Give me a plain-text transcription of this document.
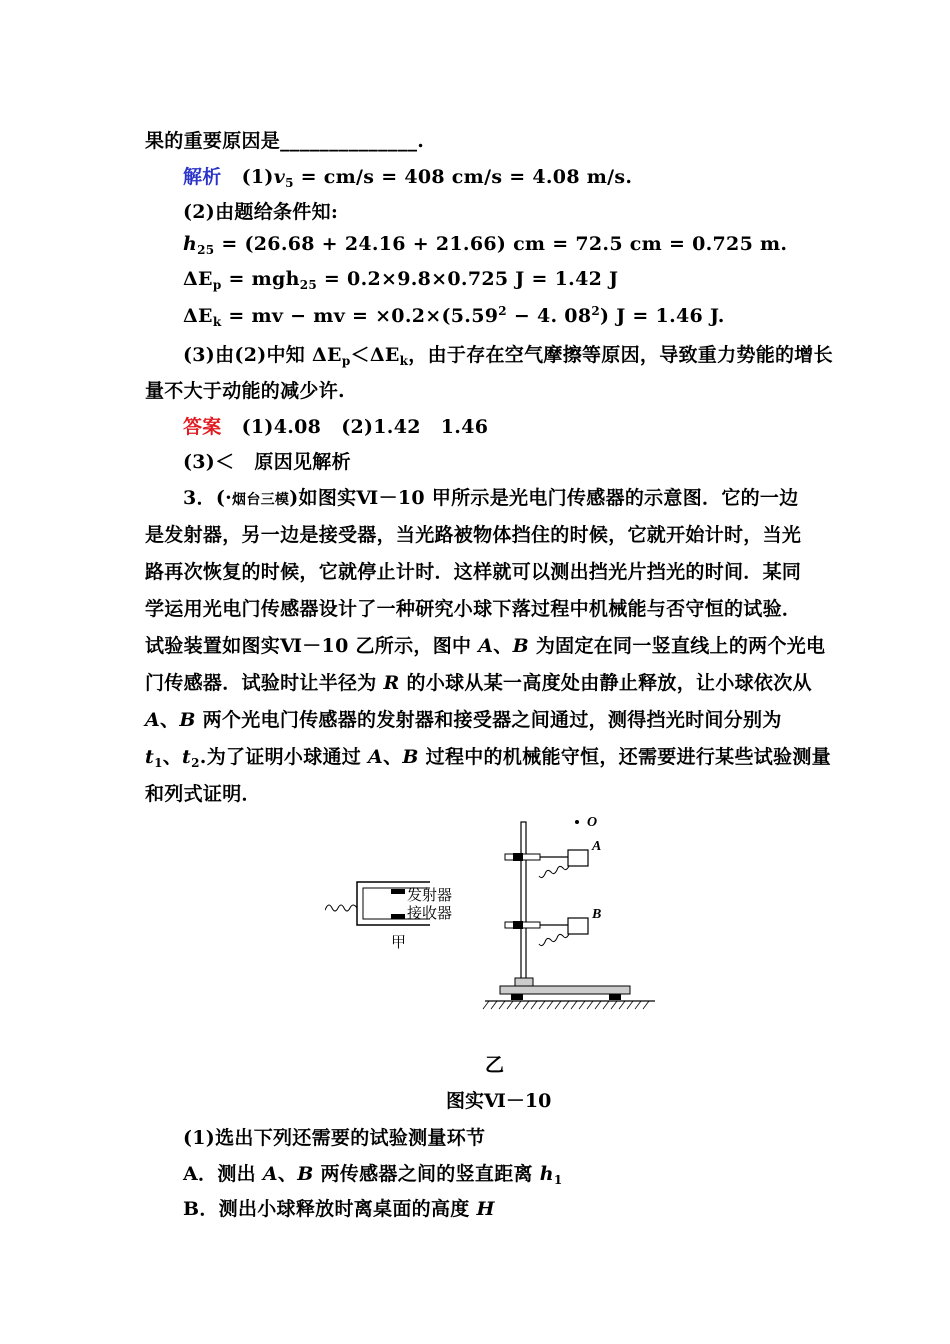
果的重要原因是______________.
解析 $(1)v_5 = cm/s = 408$ cm/s = 4.08 m/s.
(2)由题给条件知:
$h_{25} = (26.68 + 24.16 + 21.66)$ cm = 72.5 cm = 0.725 m.
$\Delta E_p = mgh_{25} = 0.2\times 9.8\times 0.725$ J = 1.42 J
$\Delta E_k$ = mv − mv = $\times 0.2\times(5.59^2 - 4$. $08^2$) J = 1.46 J.
(3)由(2)中知 $\Delta E_p<\Delta E_k$，由于存在空气摩擦等原因，导致重力势能的增长
量不大于动能的减少许.
答案 (1)4.08 (2)1.42 1.46
(3)＜ 原因见解析
3．(·烟台三模)如图实Ⅵ－10 甲所示是光电门传感器的示意图．它的一边
是发射器，另一边是接受器，当光路被物体挡住的时候，它就开始计时，当光
路再次恢复的时候，它就停止计时．这样就可以测出挡光片挡光的时间．某同
学运用光电门传感器设计了一种研究小球下落过程中机械能与否守恒的试验．
试验装置如图实Ⅵ－10 乙所示，图中 A、B 为固定在同一竖直线上的两个光电
门传感器．试验时让半径为 R 的小球从某一高度处由静止释放，让小球依次从
A、B 两个光电门传感器的发射器和接受器之间通过，测得挡光时间分别为
$t_1$、$t_2$.为了证明小球通过 A、B 过程中的机械能守恒，还需要进行某些试验测量
和列式证明．
发射器
接收器
甲
O
A
B
乙
图实Ⅵ－10
(1)选出下列还需要的试验测量环节
A．测出 A、B 两传感器之间的竖直距离 $h_1$
B．测出小球释放时离桌面的高度 H
